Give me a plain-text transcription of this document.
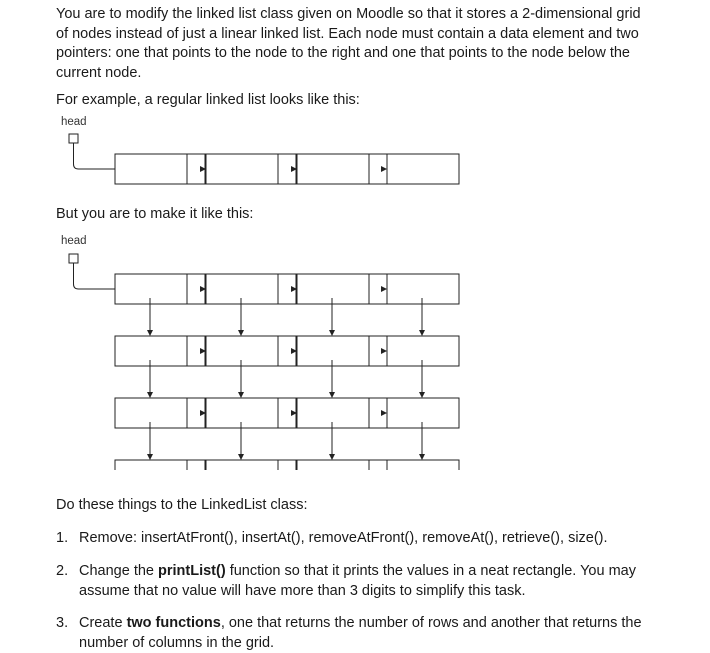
You are to modify the linked list class given on Moodle so that it stores a 2-dimensional grid of nodes instead of just a linear linked list. Each node must contain a data element and two pointers: one that points to the node to the right and one that points to the node below the current node.

For example, a regular linked list looks like this:

head

But you are to make it like this:

head

Do these things to the LinkedList class:

1. Remove: insertAtFront(), insertAt(), removeAtFront(), removeAt(), retrieve(), size().
2. Change the printList() function so that it prints the values in a neat rectangle. You may assume that no value will have more than 3 digits to simplify this task.
3. Create two functions, one that returns the number of rows and another that returns the number of columns in the grid.
